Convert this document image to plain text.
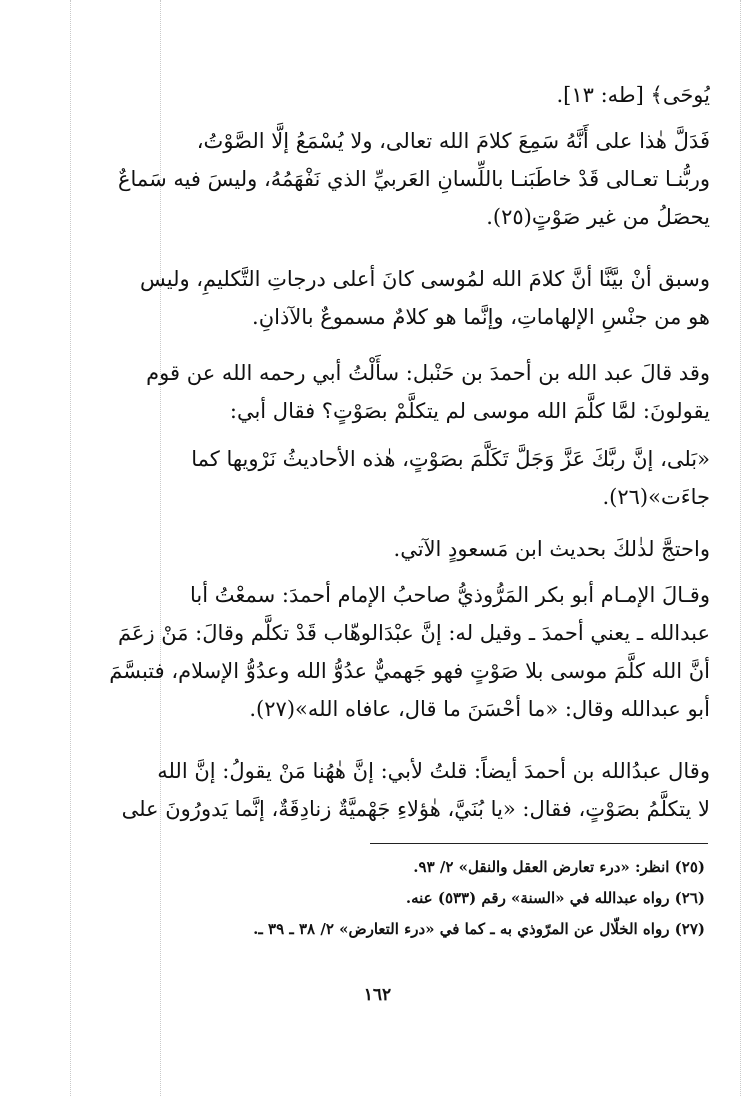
يُوحَى﴾ [طه: ١٣].
فَدَلَّ هٰذا على أَنَّهُ سَمِعَ كلامَ الله تعالى، ولا يُسْمَعُ إلَّا الصَّوْتُ،
وربُّنـا تعـالى قَدْ خاطَبَنـا باللِّسانِ العَربيِّ الذي نَفْهَمُهُ، وليسَ فيه سَماعٌ
يحصَلُ من غير صَوْتٍ(٢٥).
وسبق أنْ بيَّنَّا أنَّ كلامَ الله لمُوسى كانَ أعلى درجاتِ التَّكليمِ، وليس
هو من جنْسِ الإلهاماتِ، وإنَّما هو كلامٌ مسموعٌ بالآذانِ.
وقد قالَ عبد الله بن أحمدَ بن حَنْبل: سأَلْتُ أبي رحمه الله عن قوم
يقولونَ: لمَّا كلَّمَ الله موسى لم يتكلَّمْ بصَوْتٍ؟ فقال أبي:
«بَلى، إنَّ ربَّكَ عَزَّ وَجَلَّ تَكَلَّمَ بصَوْتٍ، هٰذه الأحاديثُ نَرْويها كما
جاءَت»(٢٦).
واحتجَّ لذٰلكَ بحديث ابن مَسعودٍ الآتي.
وقـالَ الإمـام أبو بكر المَرُّوذيُّ صاحبُ الإمام أحمدَ: سمعْتُ أبا
عبدالله ـ يعني أحمدَ ـ وقيل له: إنَّ عبْدَالوهّاب قَدْ تكلَّم وقالَ: مَنْ زعَمَ
أنَّ الله كلَّمَ موسى بلا صَوْتٍ فهو جَهميٌّ عدُوُّ الله وعدُوُّ الإسلام، فتبسَّمَ
أبو عبدالله وقال: «ما أحْسَنَ ما قال، عافاه الله»(٢٧).
وقال عبدُالله بن أحمدَ أيضاً: قلتُ لأبي: إنَّ هٰهُنا مَنْ يقولُ: إنَّ الله
لا يتكلَّمُ بصَوْتٍ، فقال: «يا بُنَيَّ، هٰؤلاءِ جَهْميَّةٌ زنادِقَةٌ، إنَّما يَدورُونَ على
(٢٥) انظر: «درء تعارض العقل والنقل» ٢/ ٩٣.
(٢٦) رواه عبدالله في «السنة» رقم (٥٣٣) عنه.
(٢٧) رواه الخلّال عن المرّوذي به ـ كما في «درء التعارض» ٢/ ٣٨ ـ ٣٩ ـ.
١٦٢
